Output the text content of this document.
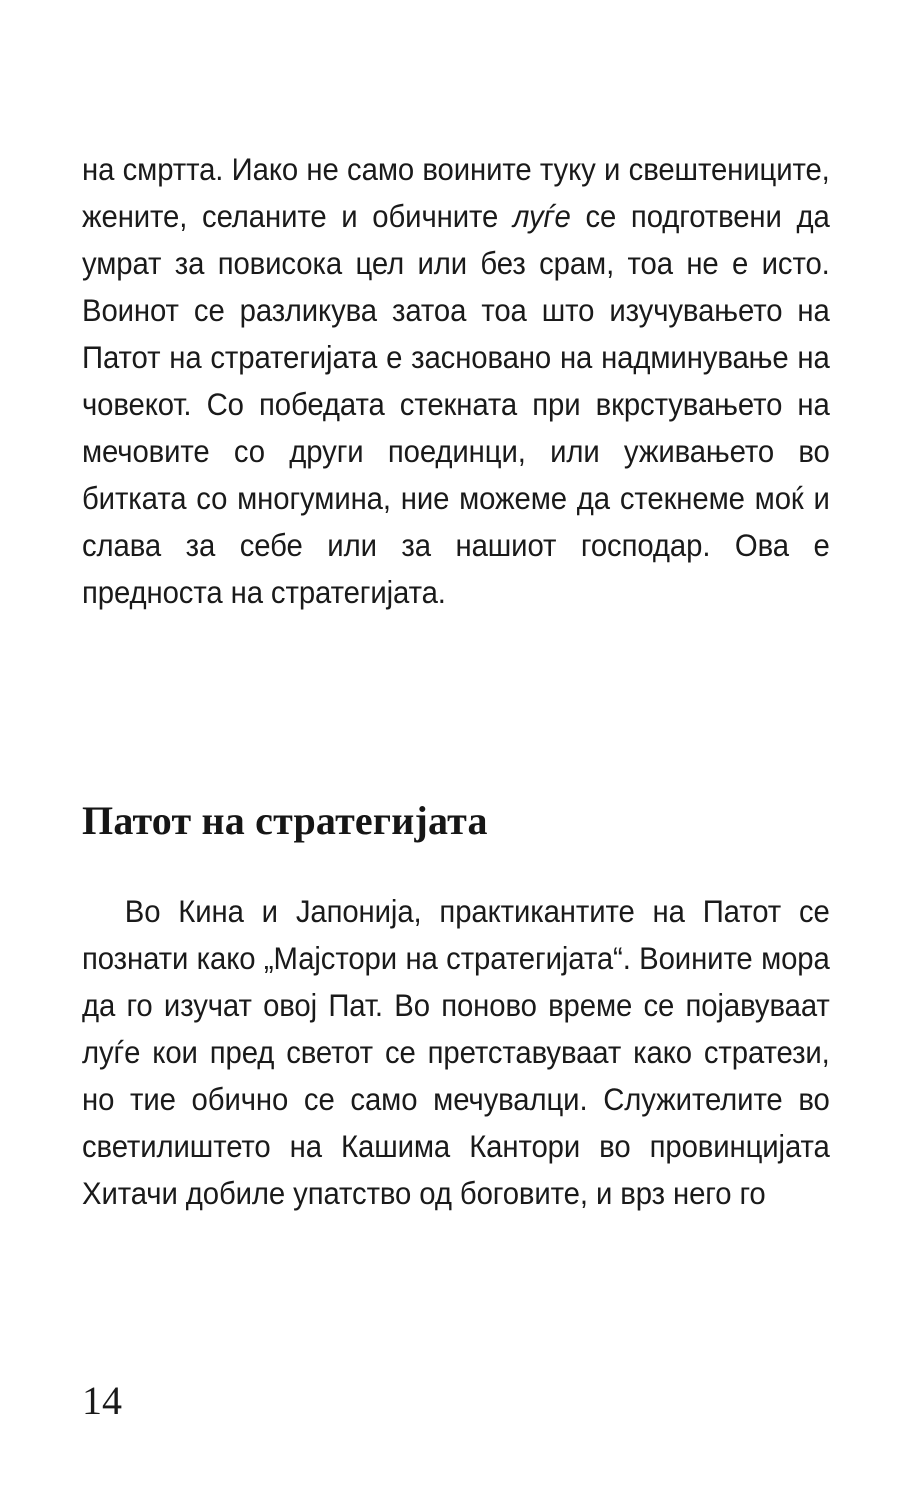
на смртта. Иако не само воините туку и свештениците, жените, селаните и обичните луѓе се подготвени да умрат за повисока цел или без срам, тоа не е исто. Воинот се разликува затоа тоа што изучувањето на Патот на стратегијата е засновано на надминување на човекот. Со победата стекната при вкрстувањето на мечовите со други поединци, или уживањето во битката со многумина, ние можеме да стекнеме моќ и слава за себе или за нашиот господар. Ова е предноста на стратегијата.

Патот на стратегијата

Во Кина и Јапонија, практикантите на Патот се познати како „Мајстори на стратегијата“. Воините мора да го изучат овој Пат. Во поново време се појавуваат луѓе кои пред светот се претставуваат како стратези, но тие обично се само мечувалци. Служителите во светилиштето на Кашима Кантори во провинцијата Хитачи добиле упатство од боговите, и врз него го

14
